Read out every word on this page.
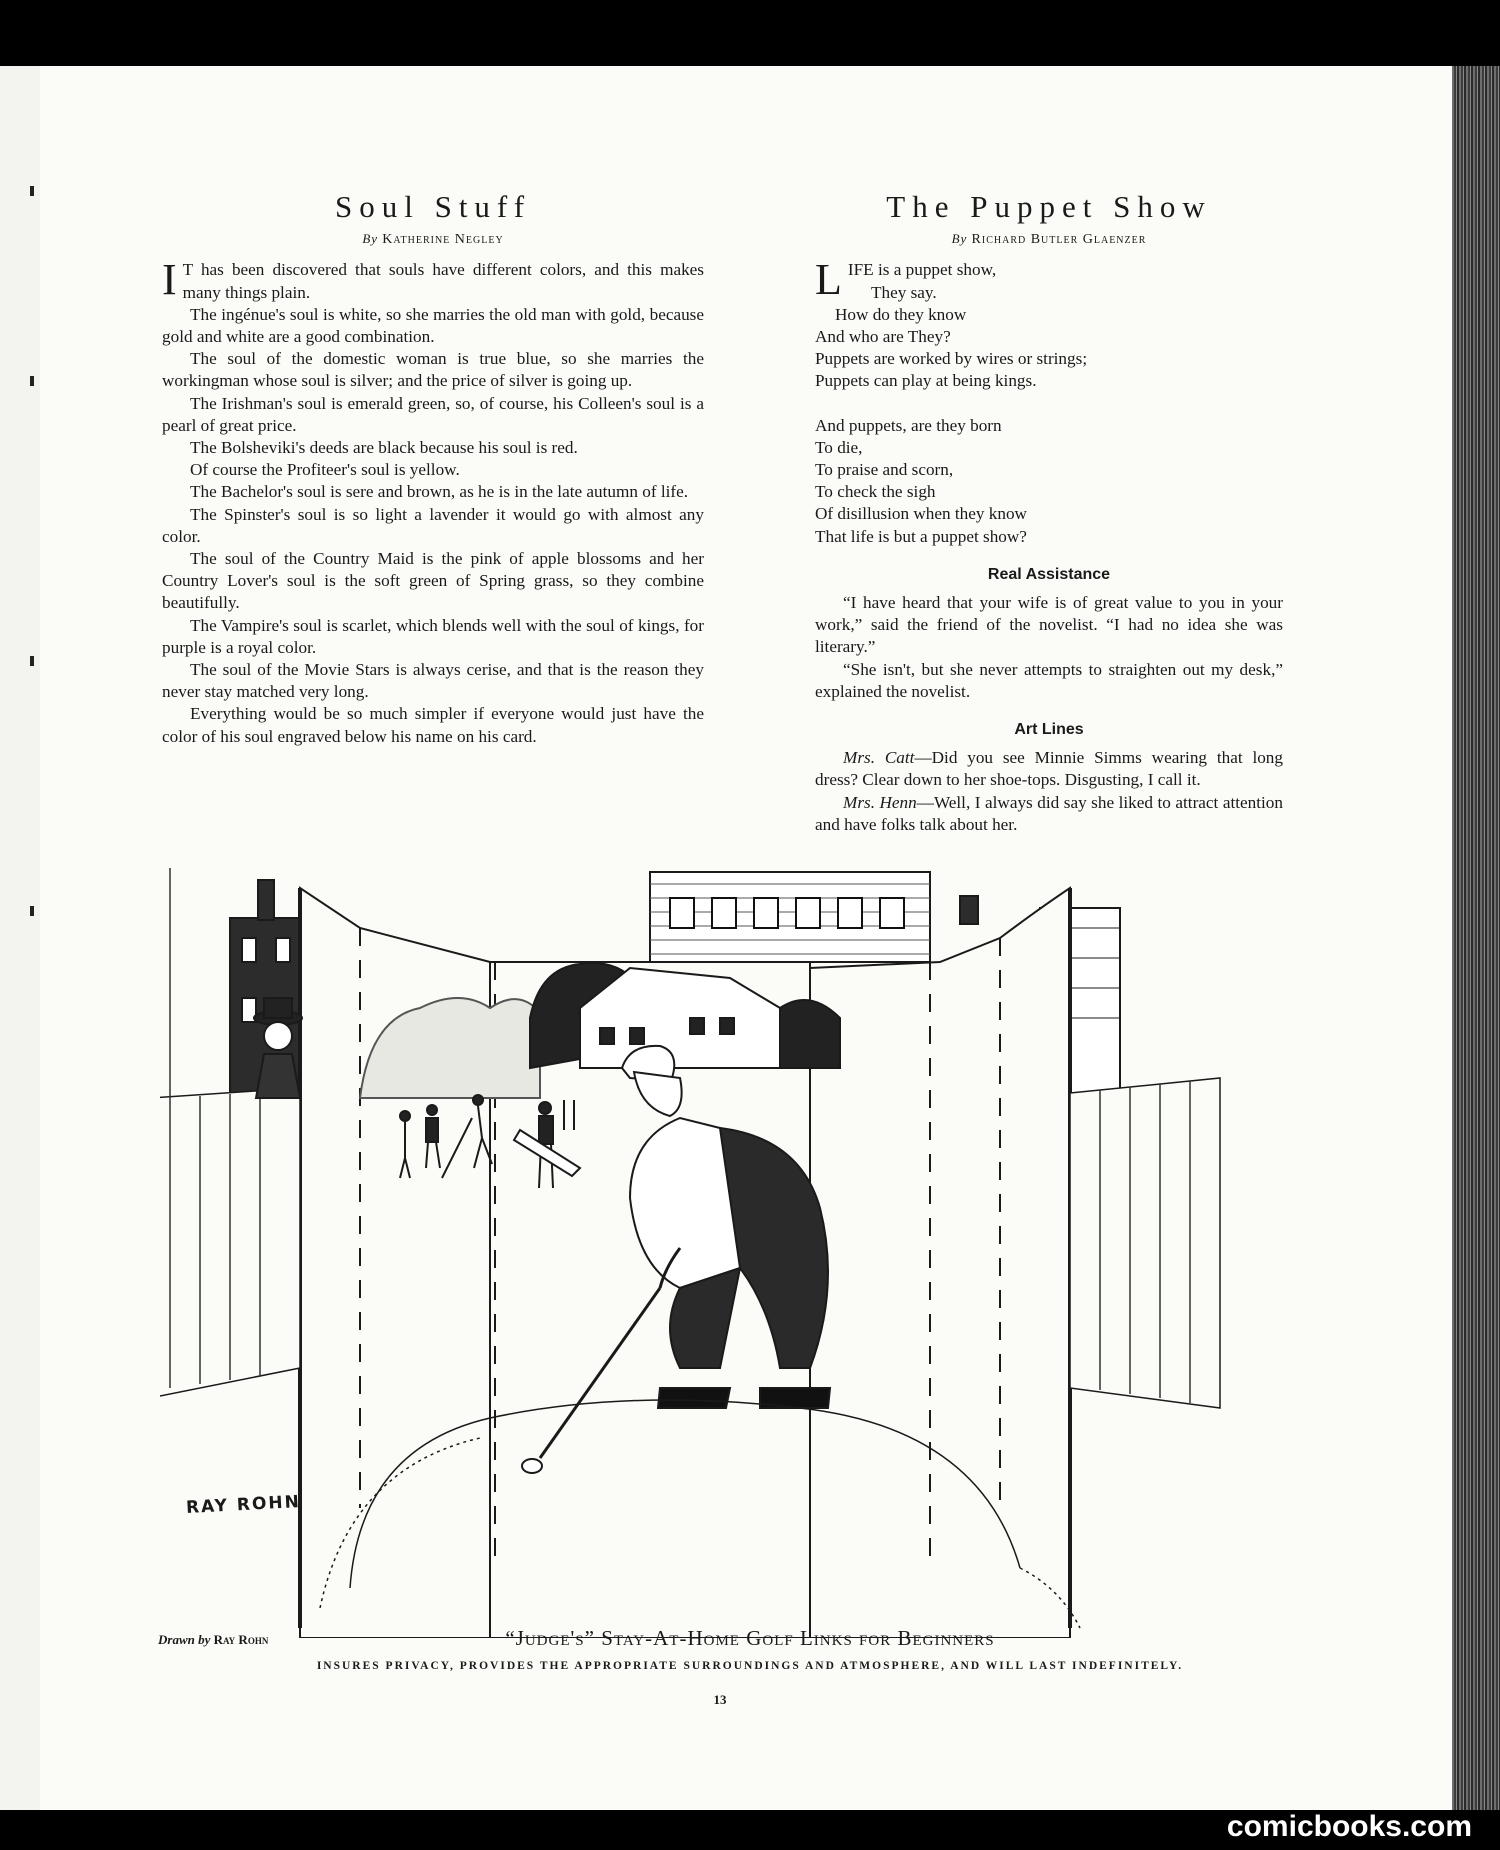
Soul Stuff
By Katherine Negley

I T has been discovered that souls have different colors, and this makes many things plain.

The ingénue's soul is white, so she marries the old man with gold, because gold and white are a good combination.

The soul of the domestic woman is true blue, so she marries the workingman whose soul is silver; and the price of silver is going up.

The Irishman's soul is emerald green, so, of course, his Colleen's soul is a pearl of great price.

The Bolsheviki's deeds are black because his soul is red.

Of course the Profiteer's soul is yellow.

The Bachelor's soul is sere and brown, as he is in the late autumn of life.

The Spinster's soul is so light a lavender it would go with almost any color.

The soul of the Country Maid is the pink of apple blossoms and her Country Lover's soul is the soft green of Spring grass, so they combine beautifully.

The Vampire's soul is scarlet, which blends well with the soul of kings, for purple is a royal color.

The soul of the Movie Stars is always cerise, and that is the reason they never stay matched very long.

Everything would be so much simpler if everyone would just have the color of his soul engraved below his name on his card.

The Puppet Show
By Richard Butler Glaenzer
LIFE is a puppet show,
They say.
How do they know
And who are They?
Puppets are worked by wires or strings;
Puppets can play at being kings.
And puppets, are they born
To die,
To praise and scorn,
To check the sigh
Of disillusion when they know
That life is but a puppet show?
Real Assistance

“I have heard that your wife is of great value to you in your work,” said the friend of the novelist. “I had no idea she was literary.”

“She isn't, but she never attempts to straighten out my desk,” explained the novelist.

Art Lines

Mrs. Catt—Did you see Minnie Simms wearing that long dress? Clear down to her shoe-tops. Disgusting, I call it.

Mrs. Henn—Well, I always did say she liked to attract attention and have folks talk about her.

RAY ROHN
Drawn by Ray Rohn	“Judge's” Stay-At-Home Golf Links for Beginners
INSURES PRIVACY, PROVIDES THE APPROPRIATE SURROUNDINGS AND ATMOSPHERE, AND WILL LAST INDEFINITELY.
13
comicbooks.com
